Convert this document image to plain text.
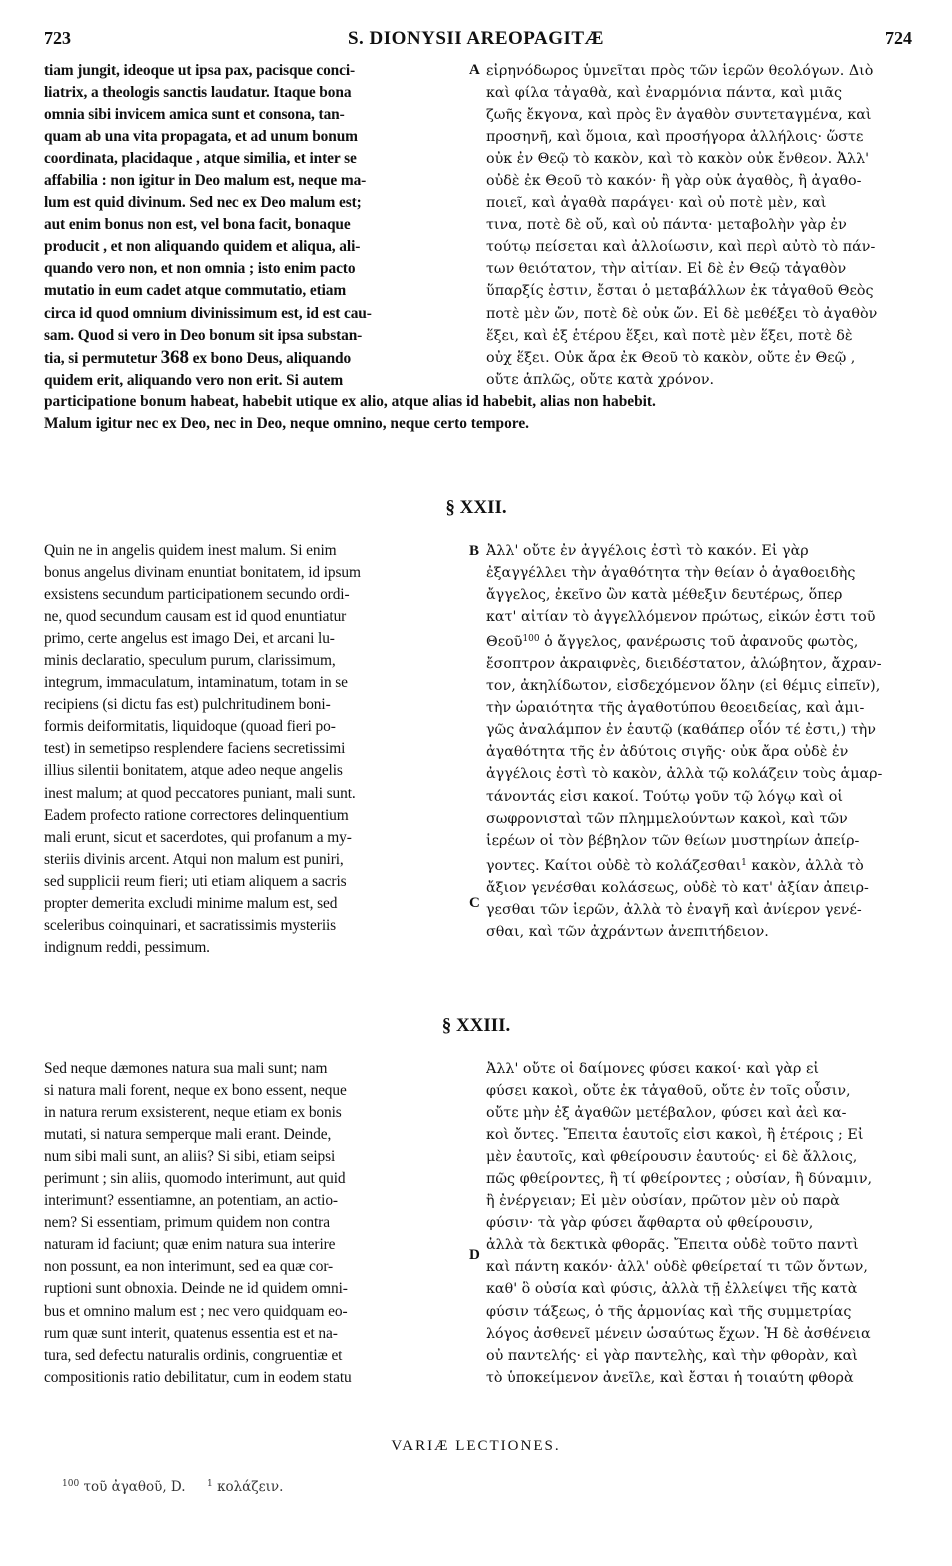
723	S. DIONYSII AREOPAGITÆ	724

tiam jungit, ideoque ut ipsa pax, pacisque conci-

liatrix, a theologis sanctis laudatur. Itaque bona

omnia sibi invicem amica sunt et consona, tan-

quam ab una vita propagata, et ad unum bonum

coordinata, placidaque , atque similia, et inter se

affabilia : non igitur in Deo malum est, neque ma-

lum est quid divinum. Sed nec ex Deo malum est;

aut enim bonus non est, vel bona facit, bonaque

producit , et non aliquando quidem et aliqua, ali-

quando vero non, et non omnia ; isto enim pacto

mutatio in eum cadet atque commutatio, etiam

circa id quod omnium divinissimum est, id est cau-

sam. Quod si vero in Deo bonum sit ipsa substan-

tia, si permutetur 368 ex bono Deus, aliquando

quidem erit, aliquando vero non erit. Si autem

A εἰρηνόδωρος ὑμνεῖται πρὸς τῶν ἱερῶν θεολόγων. Διὸ

καὶ φίλα τἀγαθὰ, καὶ ἐναρμόνια πάντα, καὶ μιᾶς

ζωῆς ἔκγονα, καὶ πρὸς ἓν ἀγαθὸν συντεταγμένα, καὶ

προσηνῆ, καὶ ὅμοια, καὶ προσήγορα ἀλλήλοις· ὥστε

οὐκ ἐν Θεῷ τὸ κακὸν, καὶ τὸ κακὸν οὐκ ἔνθεον. Ἀλλ'

οὐδὲ ἐκ Θεοῦ τὸ κακόν· ἢ γὰρ οὐκ ἀγαθὸς, ἢ ἀγαθο-

ποιεῖ, καὶ ἀγαθὰ παράγει· καὶ οὐ ποτὲ μὲν, καὶ

τινα, ποτὲ δὲ οὔ, καὶ οὐ πάντα· μεταβολὴν γὰρ ἐν

τούτῳ πείσεται καὶ ἀλλοίωσιν, καὶ περὶ αὐτὸ τὸ πάν-

των θειότατον, τὴν αἰτίαν. Εἰ δὲ ἐν Θεῷ τἀγαθὸν

ὕπαρξίς ἐστιν, ἔσται ὁ μεταβάλλων ἐκ τἀγαθοῦ Θεὸς

ποτὲ μὲν ὤν, ποτὲ δὲ οὐκ ὤν. Εἰ δὲ μεθέξει τὸ ἀγαθὸν

ἕξει, καὶ ἐξ ἑτέρου ἕξει, καὶ ποτὲ μὲν ἕξει, ποτὲ δὲ

οὐχ ἕξει. Οὐκ ἄρα ἐκ Θεοῦ τὸ κακὸν, οὔτε ἐν Θεῷ ,

οὔτε ἁπλῶς, οὔτε κατὰ χρόνον.

participatione bonum habeat, habebit utique ex alio, atque alias id habebit, alias non habebit.

Malum igitur nec ex Deo, nec in Deo, neque omnino, neque certo tempore.

§ XXII.

Quin ne in angelis quidem inest malum. Si enim

bonus angelus divinam enuntiat bonitatem, id ipsum

exsistens secundum participationem secundo ordi-

ne, quod secundum causam est id quod enuntiatur

primo, certe angelus est imago Dei, et arcani lu-

minis declaratio, speculum purum, clarissimum,

integrum, immaculatum, intaminatum, totam in se

recipiens (si dictu fas est) pulchritudinem boni-

formis deiformitatis, liquidoque (quoad fieri po-

test) in semetipso resplendere faciens secretissimi

illius silentii bonitatem, atque adeo neque angelis

inest malum; at quod peccatores puniant, mali sunt.

Eadem profecto ratione correctores delinquentium

mali erunt, sicut et sacerdotes, qui profanum a my-

steriis divinis arcent. Atqui non malum est puniri,

sed supplicii reum fieri; uti etiam aliquem a sacris

propter demerita excludi minime malum est, sed

sceleribus coinquinari, et sacratissimis mysteriis

indignum reddi, pessimum.

B
C

Ἀλλ' οὔτε ἐν ἀγγέλοις ἐστὶ τὸ κακόν. Εἰ γὰρ

ἐξαγγέλλει τὴν ἀγαθότητα τὴν θείαν ὁ ἀγαθοειδὴς

ἄγγελος, ἐκεῖνο ὢν κατὰ μέθεξιν δευτέρως, ὅπερ

κατ' αἰτίαν τὸ ἀγγελλόμενον πρώτως, εἰκών ἐστι τοῦ

Θεοῦ$^{100}$ ὁ ἄγγελος, φανέρωσις τοῦ ἀφανοῦς φωτὸς,

ἔσοπτρον ἀκραιφνὲς, διειδέστατον, ἀλώβητον, ἄχραν-

τον, ἀκηλίδωτον, εἰσδεχόμενον ὅλην (εἰ θέμις εἰπεῖν),

τὴν ὡραιότητα τῆς ἀγαθοτύπου θεοειδείας, καὶ ἀμι-

γῶς ἀναλάμπον ἐν ἑαυτῷ (καθάπερ οἷόν τέ ἐστι,) τὴν

ἀγαθότητα τῆς ἐν ἀδύτοις σιγῆς· οὐκ ἄρα οὐδὲ ἐν

ἀγγέλοις ἐστὶ τὸ κακὸν, ἀλλὰ τῷ κολάζειν τοὺς ἁμαρ-

τάνοντάς εἰσι κακοί. Τούτῳ γοῦν τῷ λόγῳ καὶ οἱ

σωφρονισταὶ τῶν πλημμελούντων κακοὶ, καὶ τῶν

ἱερέων οἱ τὸν βέβηλον τῶν θείων μυστηρίων ἀπείρ-

γοντες. Καίτοι οὐδὲ τὸ κολάζεσθαι$^1$ κακὸν, ἀλλὰ τὸ

ἄξιον γενέσθαι κολάσεως, οὐδὲ τὸ κατ' ἀξίαν ἀπειρ-

γεσθαι τῶν ἱερῶν, ἀλλὰ τὸ ἐναγῆ καὶ ἀνίερον γενέ-

σθαι, καὶ τῶν ἀχράντων ἀνεπιτήδειον.

§ XXIII.

Sed neque dæmones natura sua mali sunt; nam

si natura mali forent, neque ex bono essent, neque

in natura rerum exsisterent, neque etiam ex bonis

mutati, si natura semperque mali erant. Deinde,

num sibi mali sunt, an aliis? Si sibi, etiam seipsi

perimunt ; sin aliis, quomodo interimunt, aut quid

interimunt? essentiamne, an potentiam, an actio-

nem? Si essentiam, primum quidem non contra

naturam id faciunt; quæ enim natura sua interire

non possunt, ea non interimunt, sed ea quæ cor-

ruptioni sunt obnoxia. Deinde ne id quidem omni-

bus et omnino malum est ; nec vero quidquam eo-

rum quæ sunt interit, quatenus essentia est et na-

tura, sed defectu naturalis ordinis, congruentiæ et

compositionis ratio debilitatur, cum in eodem statu

D

Ἀλλ' οὔτε οἱ δαίμονες φύσει κακοί· καὶ γὰρ εἰ

φύσει κακοὶ, οὔτε ἐκ τἀγαθοῦ, οὔτε ἐν τοῖς οὖσιν,

οὔτε μὴν ἐξ ἀγαθῶν μετέβαλον, φύσει καὶ ἀεὶ κα-

κοὶ ὄντες. Ἔπειτα ἑαυτοῖς εἰσι κακοὶ, ἢ ἑτέροις ; Εἰ

μὲν ἑαυτοῖς, καὶ φθείρουσιν ἑαυτούς· εἰ δὲ ἄλλοις,

πῶς φθείροντες, ἢ τί φθείροντες ; οὐσίαν, ἢ δύναμιν,

ἢ ἐνέργειαν; Εἰ μὲν οὐσίαν, πρῶτον μὲν οὐ παρὰ

φύσιν· τὰ γὰρ φύσει ἄφθαρτα οὐ φθείρουσιν,

ἀλλὰ τὰ δεκτικὰ φθορᾶς. Ἔπειτα οὐδὲ τοῦτο παντὶ

καὶ πάντη κακόν· ἀλλ' οὐδὲ φθείρεταί τι τῶν ὄντων,

καθ' ὃ οὐσία καὶ φύσις, ἀλλὰ τῇ ἐλλείψει τῆς κατὰ

φύσιν τάξεως, ὁ τῆς ἁρμονίας καὶ τῆς συμμετρίας

λόγος ἀσθενεῖ μένειν ὡσαύτως ἔχων. Ἡ δὲ ἀσθένεια

οὐ παντελής· εἰ γὰρ παντελὴς, καὶ τὴν φθορὰν, καὶ

τὸ ὑποκείμενον ἀνεῖλε, καὶ ἔσται ἡ τοιαύτη φθορὰ

VARIÆ LECTIONES.
$^{100}$ τοῦ ἀγαθοῦ, D. $^1$ κολάζειν.
